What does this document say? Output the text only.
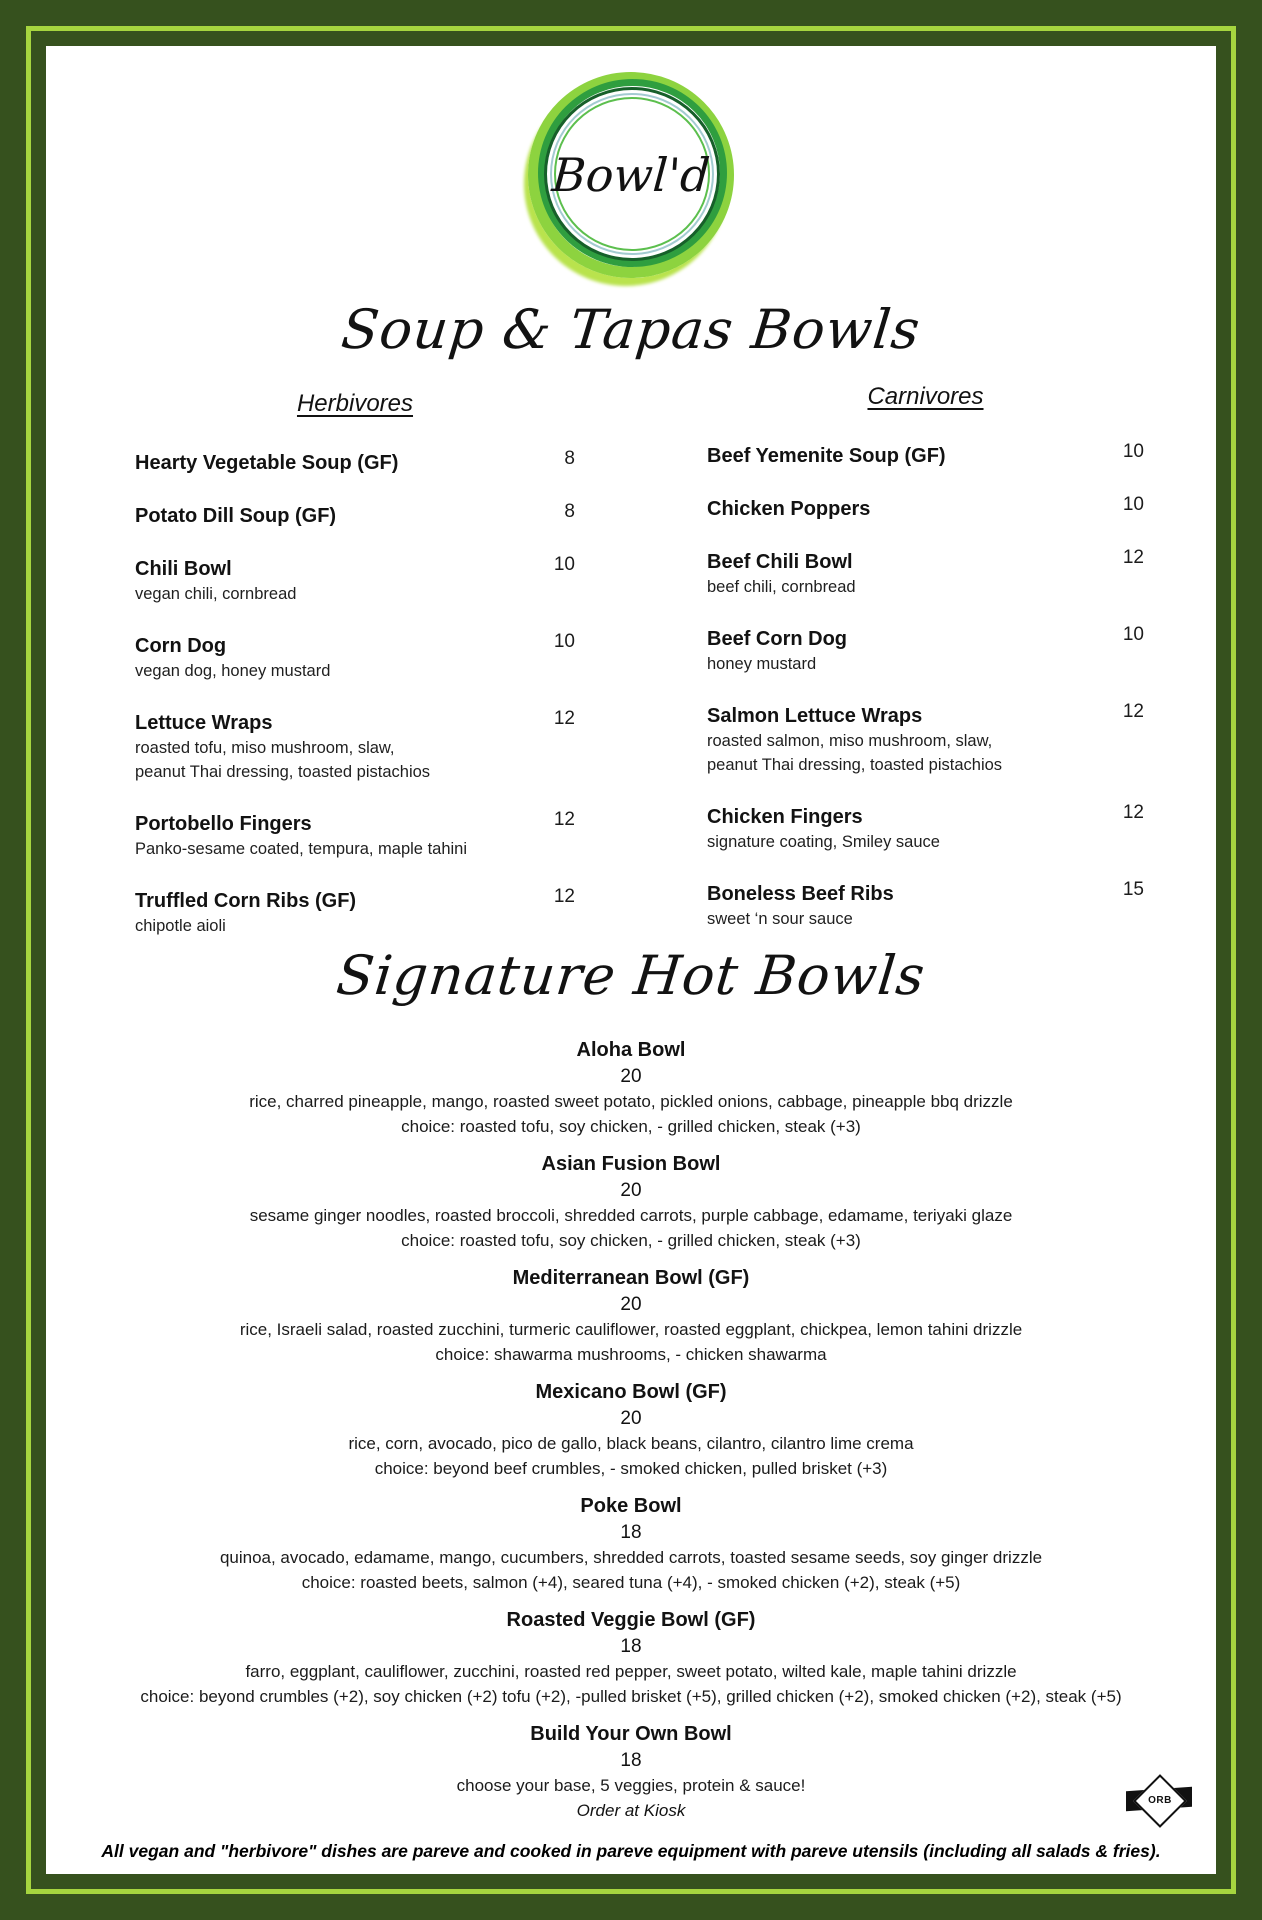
Bowl'd
Soup & Tapas Bowls
Herbivores
Hearty Vegetable Soup (GF)	8
Potato Dill Soup (GF)	8
Chili Bowl	10
vegan chili, cornbread
Corn Dog	10
vegan dog, honey mustard
Lettuce Wraps	12
roasted tofu, miso mushroom, slaw,
peanut Thai dressing, toasted pistachios
Portobello Fingers	12
Panko-sesame coated, tempura, maple tahini
Truffled Corn Ribs (GF)	12
chipotle aioli
Carnivores
Beef Yemenite Soup (GF)	10
Chicken Poppers	10
Beef Chili Bowl	12
beef chili, cornbread
Beef Corn Dog	10
honey mustard
Salmon Lettuce Wraps	12
roasted salmon, miso mushroom, slaw,
peanut Thai dressing, toasted pistachios
Chicken Fingers	12
signature coating, Smiley sauce
Boneless Beef Ribs	15
sweet ‘n sour sauce
Signature Hot Bowls
Aloha Bowl
20
rice, charred pineapple, mango, roasted sweet potato, pickled onions, cabbage, pineapple bbq drizzle
choice: roasted tofu, soy chicken, - grilled chicken, steak (+3)
Asian Fusion Bowl
20
sesame ginger noodles, roasted broccoli, shredded carrots, purple cabbage, edamame, teriyaki glaze
choice: roasted tofu, soy chicken, - grilled chicken, steak (+3)
Mediterranean Bowl (GF)
20
rice, Israeli salad, roasted zucchini, turmeric cauliflower, roasted eggplant, chickpea, lemon tahini drizzle
choice: shawarma mushrooms, - chicken shawarma
Mexicano Bowl (GF)
20
rice, corn, avocado, pico de gallo, black beans, cilantro, cilantro lime crema
choice: beyond beef crumbles, - smoked chicken, pulled brisket (+3)
Poke Bowl
18
quinoa, avocado, edamame, mango, cucumbers, shredded carrots, toasted sesame seeds, soy ginger drizzle
choice: roasted beets, salmon (+4), seared tuna (+4), - smoked chicken (+2), steak (+5)
Roasted Veggie Bowl (GF)
18
farro, eggplant, cauliflower, zucchini, roasted red pepper, sweet potato, wilted kale, maple tahini drizzle
choice: beyond crumbles (+2), soy chicken (+2) tofu (+2), -pulled brisket (+5), grilled chicken (+2), smoked chicken (+2), steak (+5)
Build Your Own Bowl
18
choose your base, 5 veggies, protein & sauce!
Order at Kiosk
ORB
All vegan and "herbivore" dishes are pareve and cooked in pareve equipment with pareve utensils (including all salads & fries).
